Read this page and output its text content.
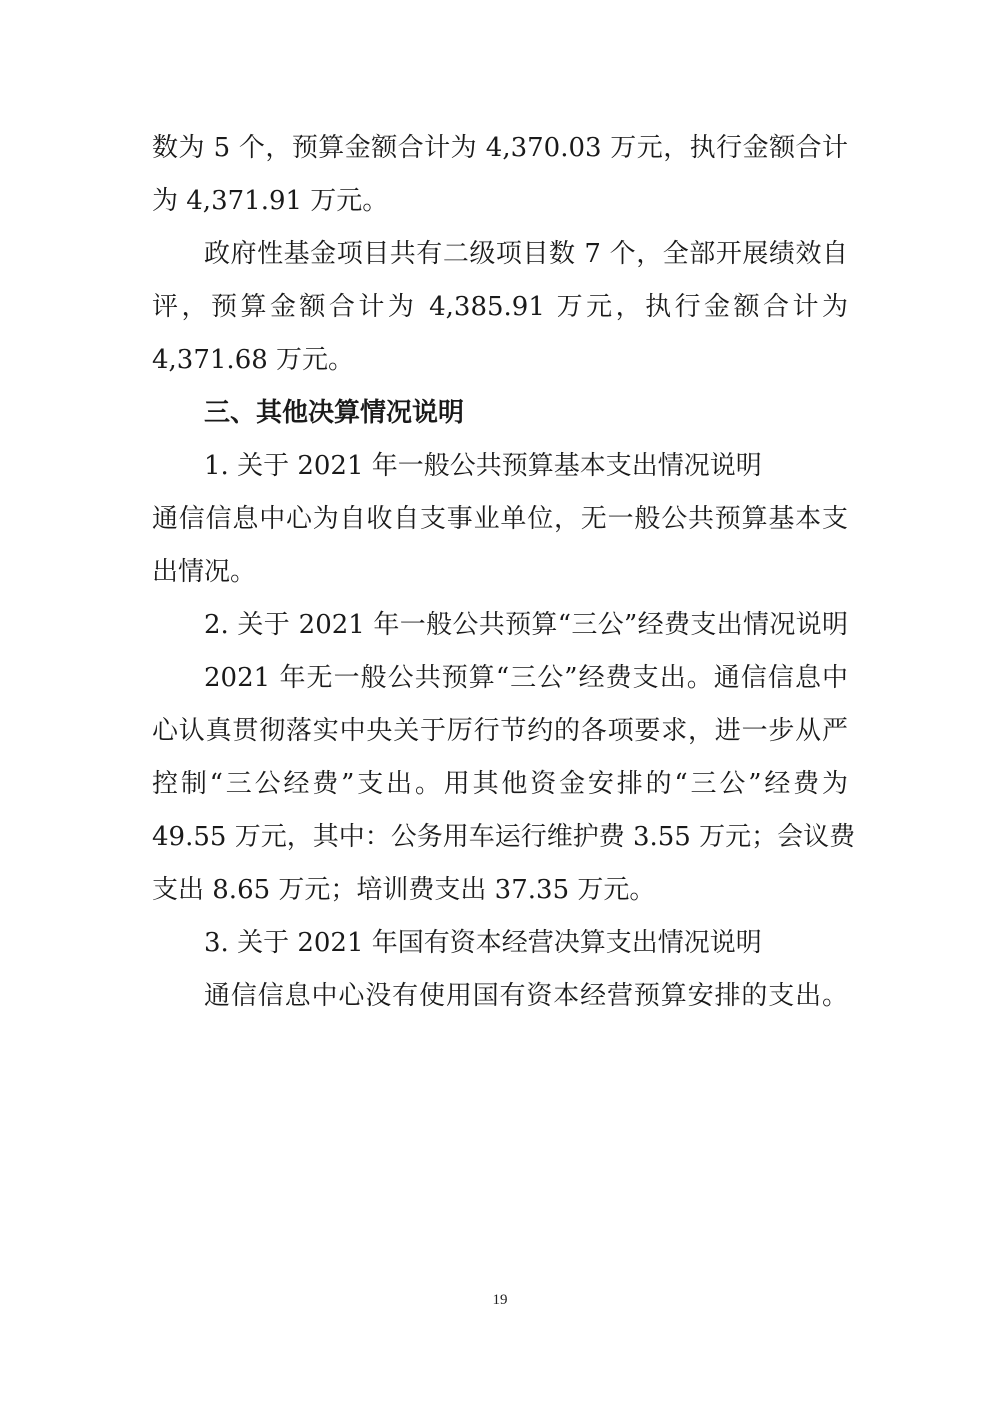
数为 5 个，预算金额合计为 4,370.03 万元，执行金额合计
为 4,371.91 万元。
政府性基金项目共有二级项目数 7 个，全部开展绩效自
评，预算金额合计为 4,385.91 万元，执行金额合计为
4,371.68 万元。
三、其他决算情况说明
1. 关于 2021 年一般公共预算基本支出情况说明
通信信息中心为自收自支事业单位，无一般公共预算基本支
出情况。
2. 关于 2021 年一般公共预算“三公”经费支出情况说明
2021 年无一般公共预算“三公”经费支出。通信信息中
心认真贯彻落实中央关于厉行节约的各项要求，进一步从严
控制“三公经费”支出。用其他资金安排的“三公”经费为
49.55 万元，其中：公务用车运行维护费 3.55 万元；会议费
支出 8.65 万元；培训费支出 37.35 万元。
3. 关于 2021 年国有资本经营决算支出情况说明
通信信息中心没有使用国有资本经营预算安排的支出。
19
